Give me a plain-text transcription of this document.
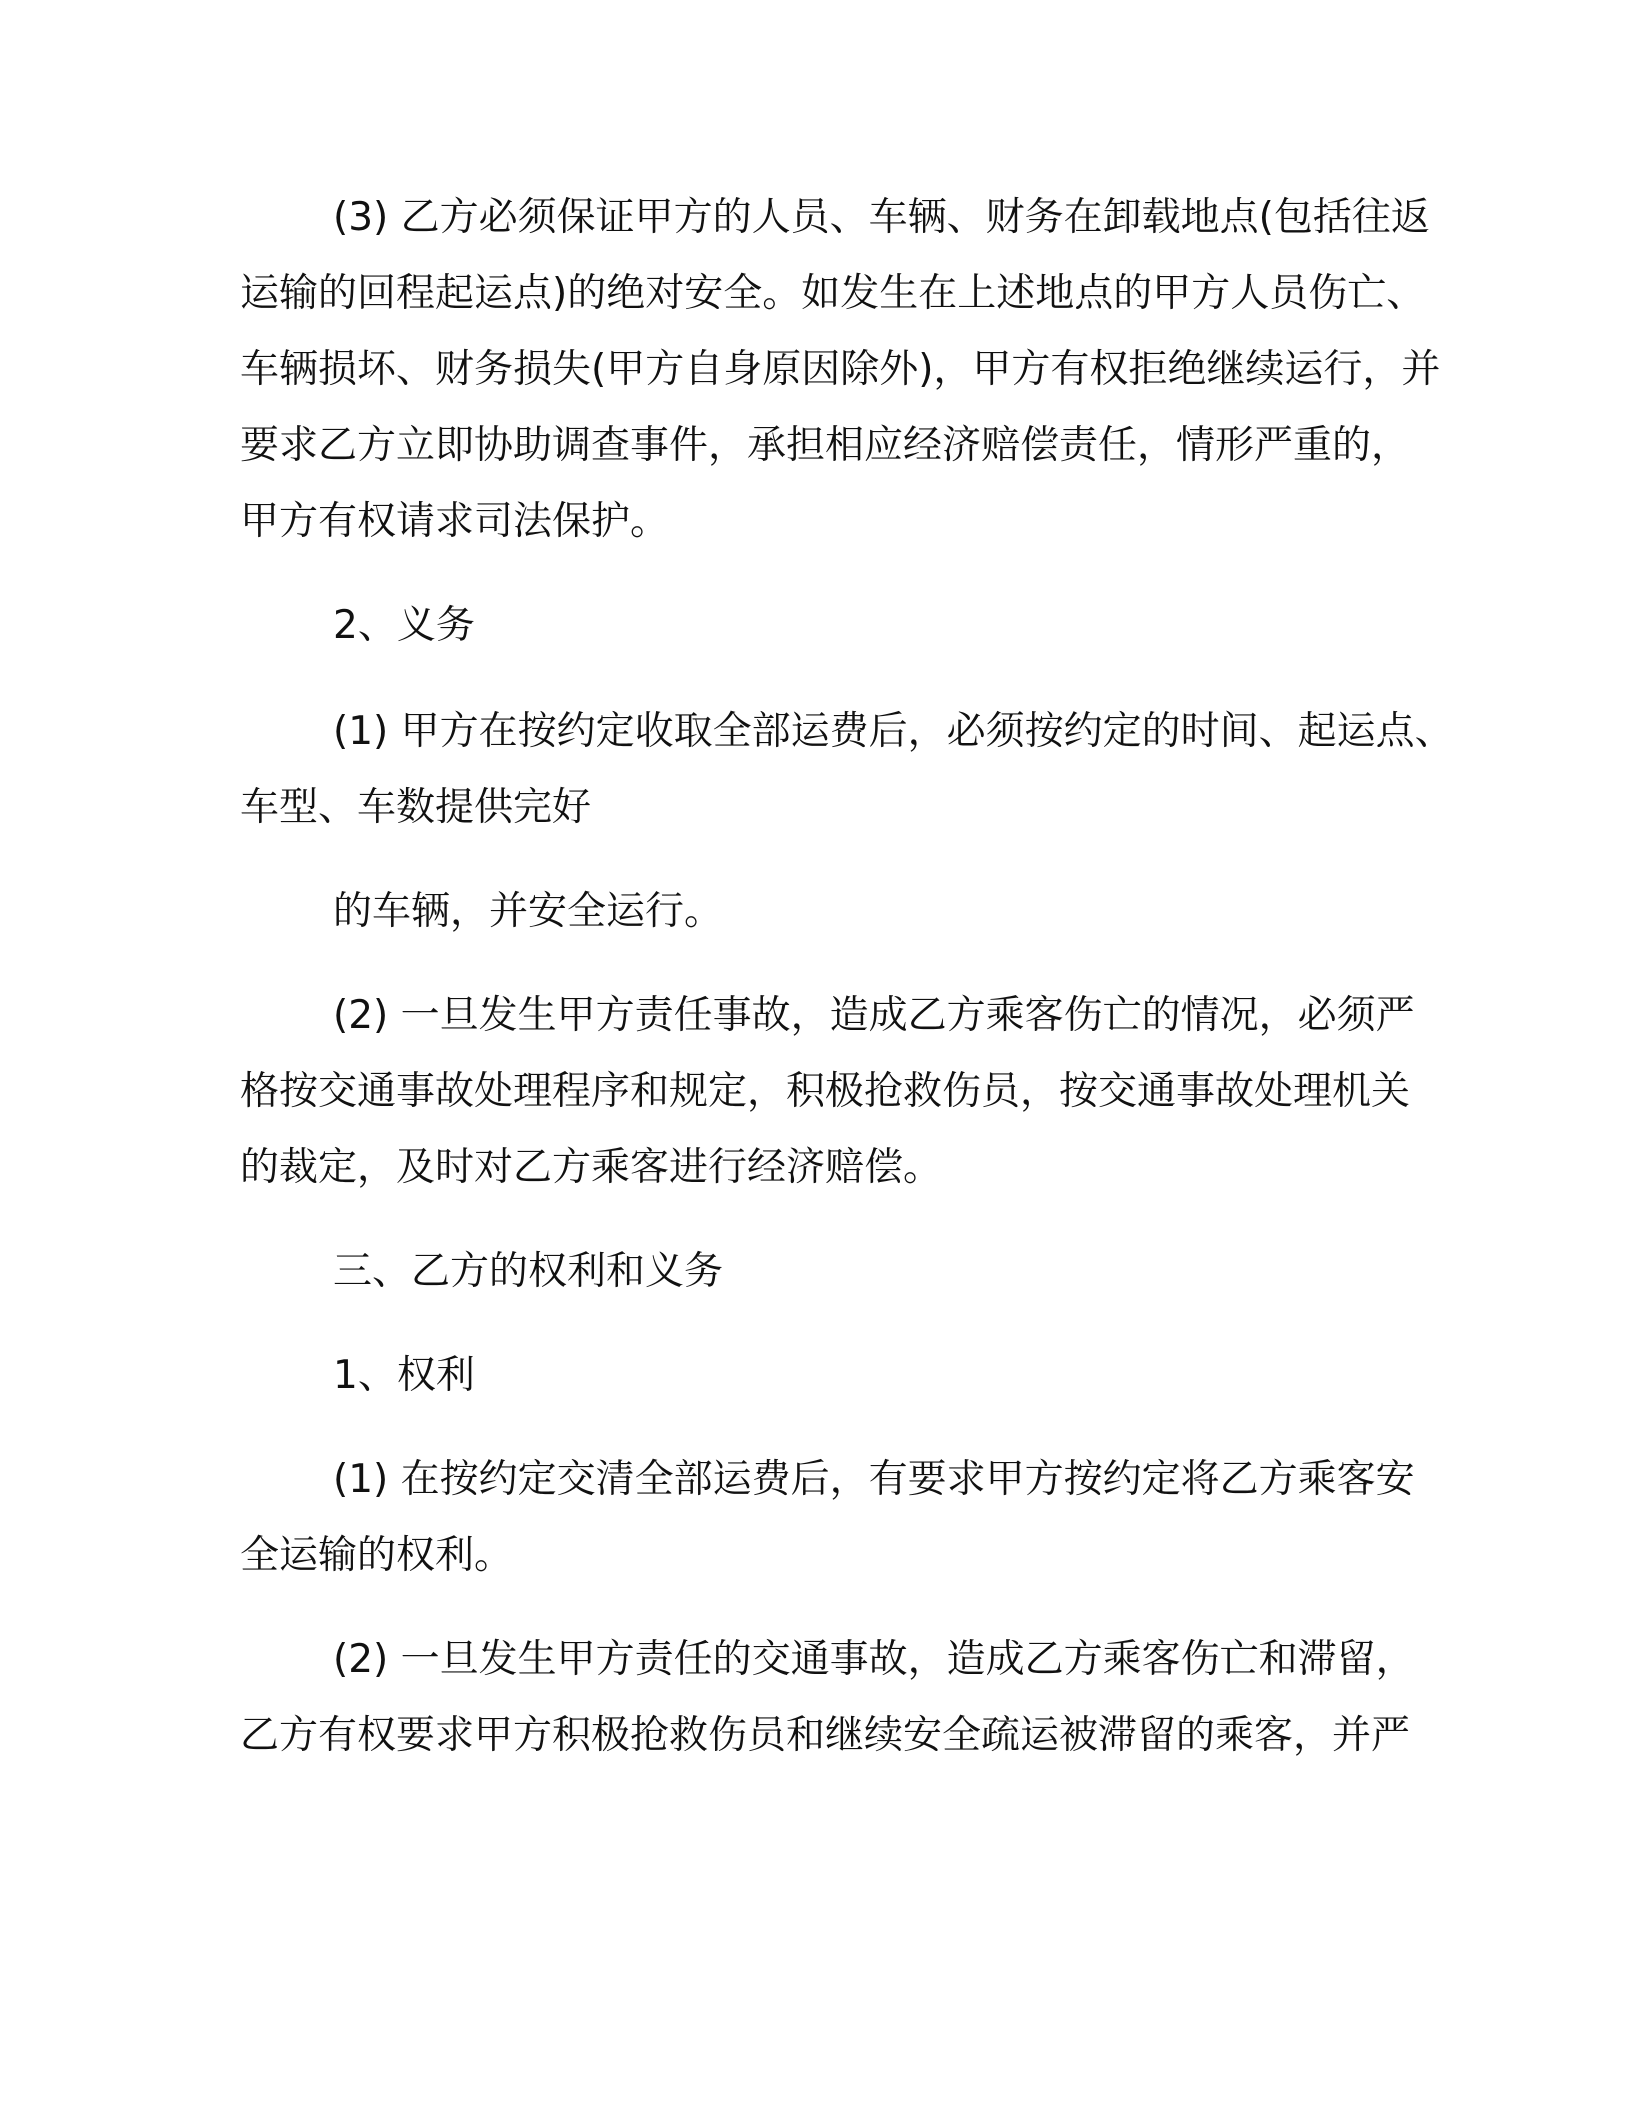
(3) 乙方必须保证甲方的人员、车辆、财务在卸载地点(包括往返

运输的回程起运点)的绝对安全。如发生在上述地点的甲方人员伤亡、

车辆损坏、财务损失(甲方自身原因除外)，甲方有权拒绝继续运行，并

要求乙方立即协助调查事件，承担相应经济赔偿责任，情形严重的，

甲方有权请求司法保护。

2、义务

(1) 甲方在按约定收取全部运费后，必须按约定的时间、起运点、

车型、车数提供完好

的车辆，并安全运行。

(2) 一旦发生甲方责任事故，造成乙方乘客伤亡的情况，必须严

格按交通事故处理程序和规定，积极抢救伤员，按交通事故处理机关

的裁定，及时对乙方乘客进行经济赔偿。

三、乙方的权利和义务

1、权利

(1) 在按约定交清全部运费后，有要求甲方按约定将乙方乘客安

全运输的权利。

(2) 一旦发生甲方责任的交通事故，造成乙方乘客伤亡和滞留，

乙方有权要求甲方积极抢救伤员和继续安全疏运被滞留的乘客，并严
